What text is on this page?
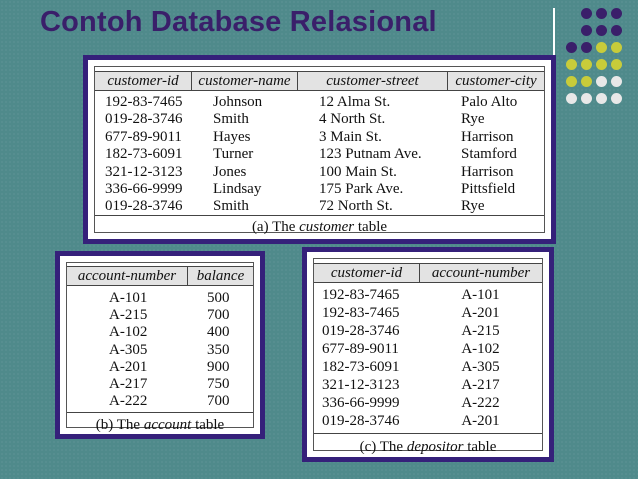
Contoh Database Relasional
customer-id	customer-name	customer-street	customer-city
192-83-7465	Johnson	12 Alma St.	Palo Alto
019-28-3746	Smith	4 North St.	Rye
677-89-9011	Hayes	3 Main St.	Harrison
182-73-6091	Turner	123 Putnam Ave.	Stamford
321-12-3123	Jones	100 Main St.	Harrison
336-66-9999	Lindsay	175 Park Ave.	Pittsfield
019-28-3746	Smith	72 North St.	Rye
(a) The customer table
account-number	balance
A-101	500
A-215	700
A-102	400
A-305	350
A-201	900
A-217	750
A-222	700
(b) The account table
customer-id	account-number
192-83-7465	A-101
192-83-7465	A-201
019-28-3746	A-215
677-89-9011	A-102
182-73-6091	A-305
321-12-3123	A-217
336-66-9999	A-222
019-28-3746	A-201
(c) The depositor table
